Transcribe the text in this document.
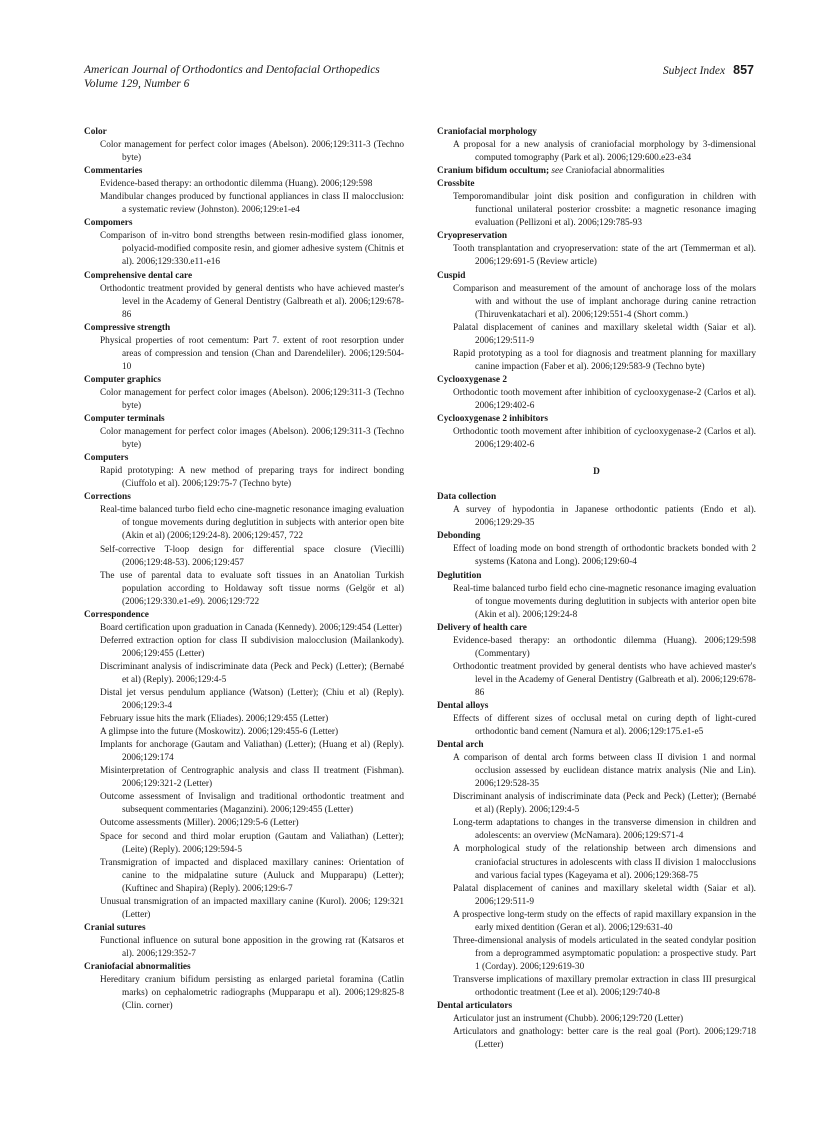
American Journal of Orthodontics and Dentofacial Orthopedics
Volume 129, Number 6
Subject Index 857
Color
Color management for perfect color images (Abelson). 2006;129:311-3 (Techno byte)
Commentaries
Evidence-based therapy: an orthodontic dilemma (Huang). 2006;129:598
Mandibular changes produced by functional appliances in class II malocclusion: a systematic review (Johnston). 2006;129:e1-e4
Compomers
Comparison of in-vitro bond strengths between resin-modified glass ionomer, polyacid-modified composite resin, and giomer adhesive system (Chitnis et al). 2006;129:330.e11-e16
Comprehensive dental care
Orthodontic treatment provided by general dentists who have achieved master's level in the Academy of General Dentistry (Galbreath et al). 2006;129:678-86
Compressive strength
Physical properties of root cementum: Part 7. extent of root resorption under areas of compression and tension (Chan and Darendeliler). 2006;129:504-10
Computer graphics
Color management for perfect color images (Abelson). 2006;129:311-3 (Techno byte)
Computer terminals
Color management for perfect color images (Abelson). 2006;129:311-3 (Techno byte)
Computers
Rapid prototyping: A new method of preparing trays for indirect bonding (Ciuffolo et al). 2006;129:75-7 (Techno byte)
Corrections
Real-time balanced turbo field echo cine-magnetic resonance imaging evaluation of tongue movements during deglutition in subjects with anterior open bite (Akin et al) (2006;129:24-8). 2006;129:457, 722
Self-corrective T-loop design for differential space closure (Viecilli) (2006;129:48-53). 2006;129:457
The use of parental data to evaluate soft tissues in an Anatolian Turkish population according to Holdaway soft tissue norms (Gelgör et al) (2006;129:330.e1-e9). 2006;129:722
Correspondence
Board certification upon graduation in Canada (Kennedy). 2006;129:454 (Letter)
Deferred extraction option for class II subdivision malocclusion (Mailankody). 2006;129:455 (Letter)
Discriminant analysis of indiscriminate data (Peck and Peck) (Letter); (Bernabé et al) (Reply). 2006;129:4-5
Distal jet versus pendulum appliance (Watson) (Letter); (Chiu et al) (Reply). 2006;129:3-4
February issue hits the mark (Eliades). 2006;129:455 (Letter)
A glimpse into the future (Moskowitz). 2006;129:455-6 (Letter)
Implants for anchorage (Gautam and Valiathan) (Letter); (Huang et al) (Reply). 2006;129:174
Misinterpretation of Centrographic analysis and class II treatment (Fishman). 2006;129:321-2 (Letter)
Outcome assessment of Invisalign and traditional orthodontic treatment and subsequent commentaries (Maganzini). 2006;129:455 (Letter)
Outcome assessments (Miller). 2006;129:5-6 (Letter)
Space for second and third molar eruption (Gautam and Valiathan) (Letter); (Leite) (Reply). 2006;129:594-5
Transmigration of impacted and displaced maxillary canines: Orientation of canine to the midpalatine suture (Auluck and Mupparapu) (Letter); (Kuftinec and Shapira) (Reply). 2006;129:6-7
Unusual transmigration of an impacted maxillary canine (Kurol). 2006; 129:321 (Letter)
Cranial sutures
Functional influence on sutural bone apposition in the growing rat (Katsaros et al). 2006;129:352-7
Craniofacial abnormalities
Hereditary cranium bifidum persisting as enlarged parietal foramina (Catlin marks) on cephalometric radiographs (Mupparapu et al). 2006;129:825-8 (Clin. corner)
Craniofacial morphology
A proposal for a new analysis of craniofacial morphology by 3-dimensional computed tomography (Park et al). 2006;129:600.e23-e34
Cranium bifidum occultum; see Craniofacial abnormalities
Crossbite
Temporomandibular joint disk position and configuration in children with functional unilateral posterior crossbite: a magnetic resonance imaging evaluation (Pellizoni et al). 2006;129:785-93
Cryopreservation
Tooth transplantation and cryopreservation: state of the art (Temmerman et al). 2006;129:691-5 (Review article)
Cuspid
Comparison and measurement of the amount of anchorage loss of the molars with and without the use of implant anchorage during canine retraction (Thiruvenkatachari et al). 2006;129:551-4 (Short comm.)
Palatal displacement of canines and maxillary skeletal width (Saiar et al). 2006;129:511-9
Rapid prototyping as a tool for diagnosis and treatment planning for maxillary canine impaction (Faber et al). 2006;129:583-9 (Techno byte)
Cyclooxygenase 2
Orthodontic tooth movement after inhibition of cyclooxygenase-2 (Carlos et al). 2006;129:402-6
Cyclooxygenase 2 inhibitors
Orthodontic tooth movement after inhibition of cyclooxygenase-2 (Carlos et al). 2006;129:402-6
D
Data collection
A survey of hypodontia in Japanese orthodontic patients (Endo et al). 2006;129:29-35
Debonding
Effect of loading mode on bond strength of orthodontic brackets bonded with 2 systems (Katona and Long). 2006;129:60-4
Deglutition
Real-time balanced turbo field echo cine-magnetic resonance imaging evaluation of tongue movements during deglutition in subjects with anterior open bite (Akin et al). 2006;129:24-8
Delivery of health care
Evidence-based therapy: an orthodontic dilemma (Huang). 2006;129:598 (Commentary)
Orthodontic treatment provided by general dentists who have achieved master's level in the Academy of General Dentistry (Galbreath et al). 2006;129:678-86
Dental alloys
Effects of different sizes of occlusal metal on curing depth of light-cured orthodontic band cement (Namura et al). 2006;129:175.e1-e5
Dental arch
A comparison of dental arch forms between class II division 1 and normal occlusion assessed by euclidean distance matrix analysis (Nie and Lin). 2006;129:528-35
Discriminant analysis of indiscriminate data (Peck and Peck) (Letter); (Bernabé et al) (Reply). 2006;129:4-5
Long-term adaptations to changes in the transverse dimension in children and adolescents: an overview (McNamara). 2006;129:S71-4
A morphological study of the relationship between arch dimensions and craniofacial structures in adolescents with class II division 1 malocclusions and various facial types (Kageyama et al). 2006;129:368-75
Palatal displacement of canines and maxillary skeletal width (Saiar et al). 2006;129:511-9
A prospective long-term study on the effects of rapid maxillary expansion in the early mixed dentition (Geran et al). 2006;129:631-40
Three-dimensional analysis of models articulated in the seated condylar position from a deprogrammed asymptomatic population: a prospective study. Part 1 (Corday). 2006;129:619-30
Transverse implications of maxillary premolar extraction in class III presurgical orthodontic treatment (Lee et al). 2006;129:740-8
Dental articulators
Articulator just an instrument (Chubb). 2006;129:720 (Letter)
Articulators and gnathology: better care is the real goal (Port). 2006;129:718 (Letter)
